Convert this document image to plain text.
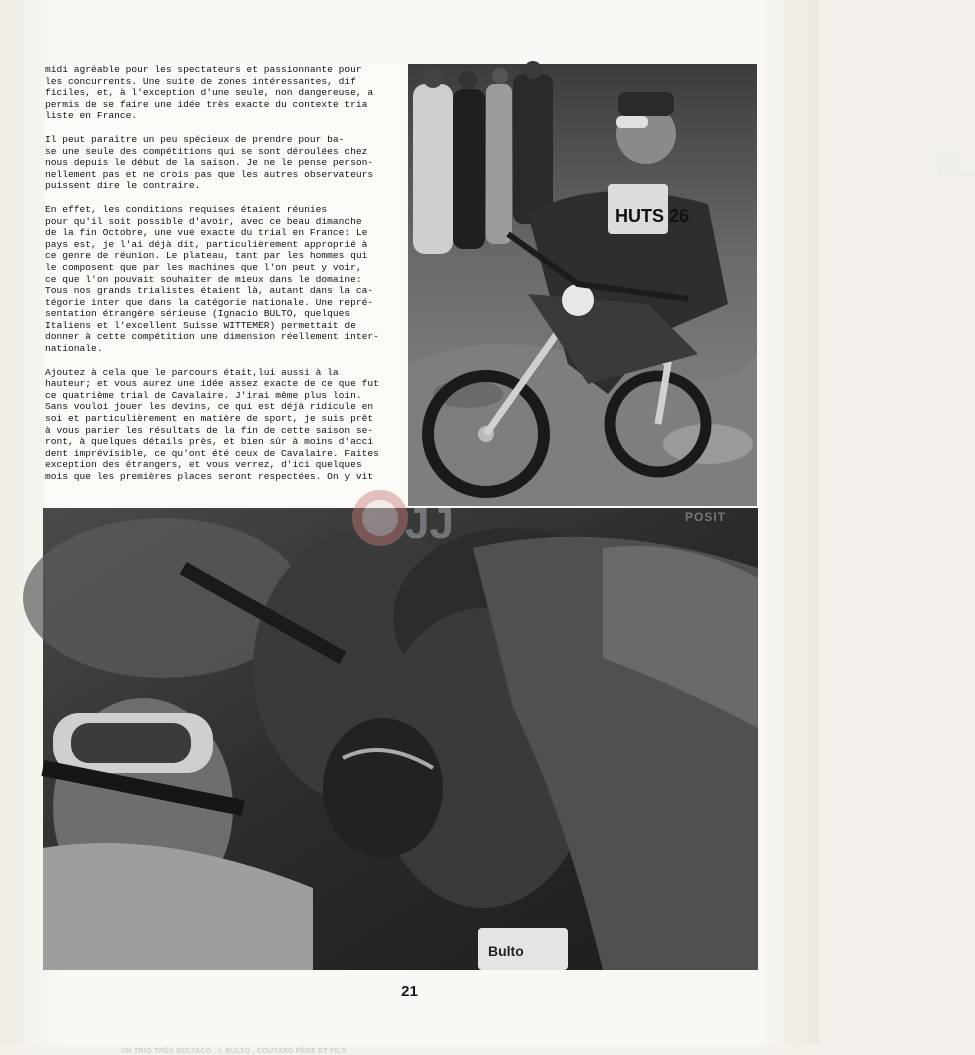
midi agréable pour les spectateurs et passionnante pour
les concurrents. Une suite de zones intéressantes, dif
ficiles, et, à l'exception d'une seule, non dangereuse, a
permis de se faire une idée très exacte du contexte tria
liste en France.

Il peut paraître un peu spécieux de prendre pour ba-
se une seule des compétitions qui se sont déroulées chez
nous depuis le début de la saison. Je ne le pense person-
nellement pas et ne crois pas que les autres observateurs
puissent dire le contraire.

En effet, les conditions requises étaient réunies
pour qu'il soit possible d'avoir, avec ce beau dimanche
de la fin Octobre, une vue exacte du trial en France: Le
pays est, je l'ai déjà dit, particulièrement approprié à
ce genre de réunion. Le plateau, tant par les hommes qui
le composent que par les machines que l'on peut y voir,
ce que l'on pouvait souhaiter de mieux dans le domaine:
Tous nos grands trialistes étaient là, autant dans la ca-
tégorie inter que dans la catégorie nationale. Une repré-
sentation étrangère sérieuse (Ignacio BULTO, quelques
Italiens et l'excellent Suisse WITTEMER) permettait de
donner à cette compétition une dimension réellement inter-
nationale.

Ajoutez à cela que le parcours était,lui aussi à la
hauteur; et vous aurez une idée assez exacte de ce que fut
ce quatrième trial de Cavalaire. J'irai même plus loin.
Sans vouloi jouer les devins, ce qui est déjà ridicule en
soi et particulièrement en matière de sport, je suis prêt
à vous parier les résultats de la fin de cette saison se-
ront, à quelques détails près, et bien sûr à moins d'acci
dent imprévisible, ce qu'ont été ceux de Cavalaire. Faites
exception des étrangers, et vous verrez, d'ici quelques
mois que les premières places seront respectées. On y vit

HUTS 26
UN ... TRÈS BON ... NOUVEAU
Bulto
UN TRIO TRÈS BULTACO : I. BULTO , COUTARD PÈRE ET FILS
JJ	POSIT
21
